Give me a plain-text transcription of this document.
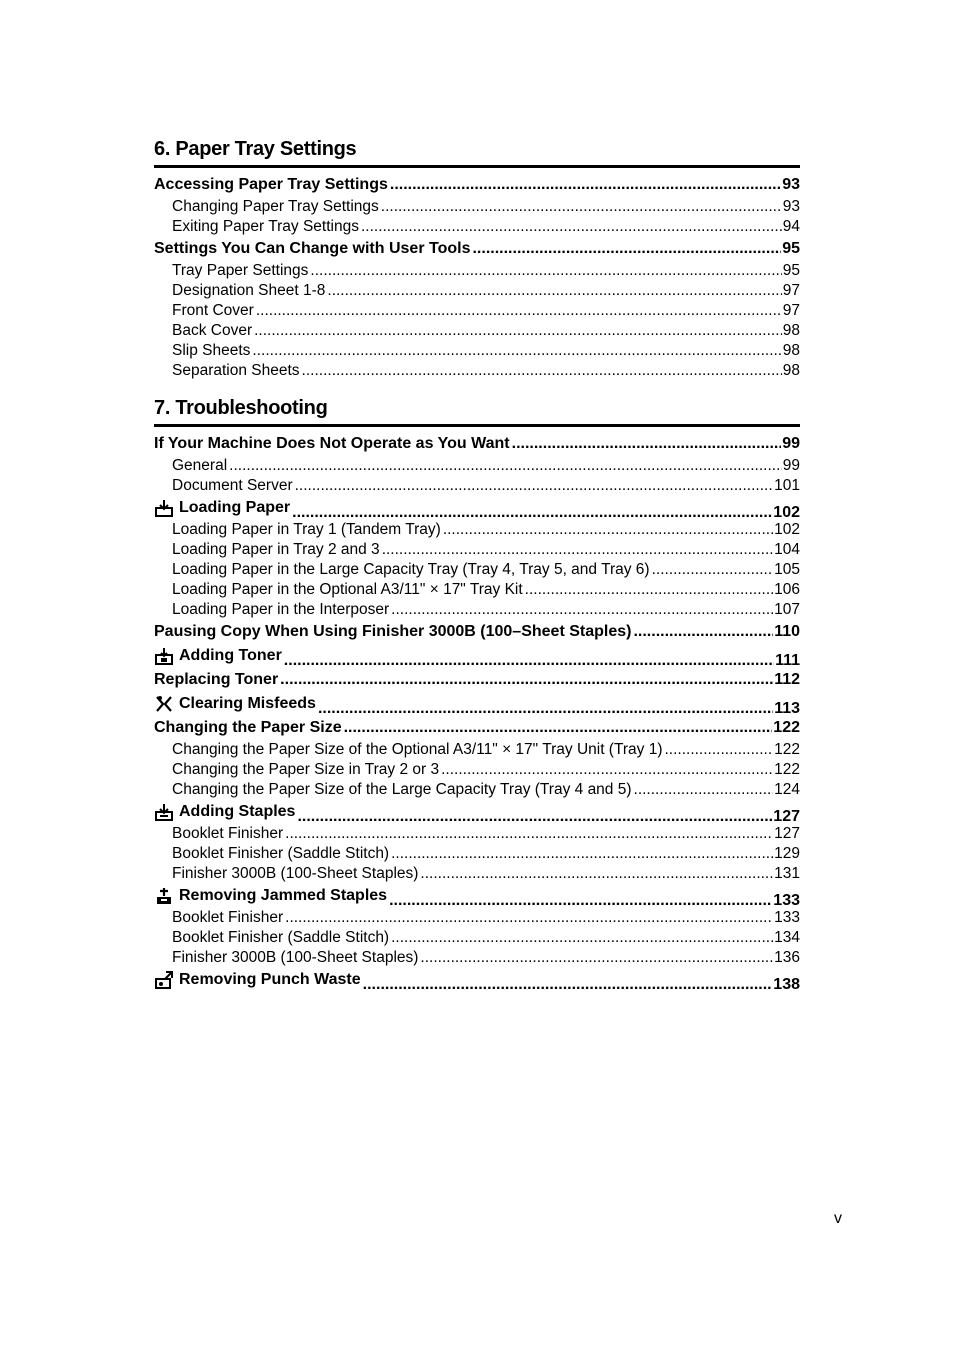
6. Paper Tray Settings
Accessing Paper Tray Settings .....	93
Changing Paper Tray Settings .....	93
Exiting Paper Tray Settings .....	94
Settings You Can Change with User Tools .....	95
Tray Paper Settings .....	95
Designation Sheet 1-8 .....	97
Front Cover .....	97
Back Cover .....	98
Slip Sheets .....	98
Separation Sheets .....	98
7. Troubleshooting
If Your Machine Does Not Operate as You Want .....	99
General .....	99
Document Server .....	101
Loading Paper .....	102
Loading Paper in Tray 1 (Tandem Tray) .....	102
Loading Paper in Tray 2 and 3 .....	104
Loading Paper in the Large Capacity Tray (Tray 4, Tray 5, and Tray 6) .....	105
Loading Paper in the Optional A3/11" × 17" Tray Kit .....	106
Loading Paper in the Interposer .....	107
Pausing Copy When Using Finisher 3000B (100–Sheet Staples) .....	110
Adding Toner .....	111
Replacing Toner .....	112
Clearing Misfeeds .....	113
Changing the Paper Size .....	122
Changing the Paper Size of the Optional A3/11" × 17" Tray Unit (Tray 1) .....	122
Changing the Paper Size in Tray 2 or 3 .....	122
Changing the Paper Size of the Large Capacity Tray (Tray 4 and 5) .....	124
Adding Staples .....	127
Booklet Finisher .....	127
Booklet Finisher (Saddle Stitch) .....	129
Finisher 3000B (100-Sheet Staples) .....	131
Removing Jammed Staples .....	133
Booklet Finisher .....	133
Booklet Finisher (Saddle Stitch) .....	134
Finisher 3000B (100-Sheet Staples) .....	136
Removing Punch Waste .....	138
v
